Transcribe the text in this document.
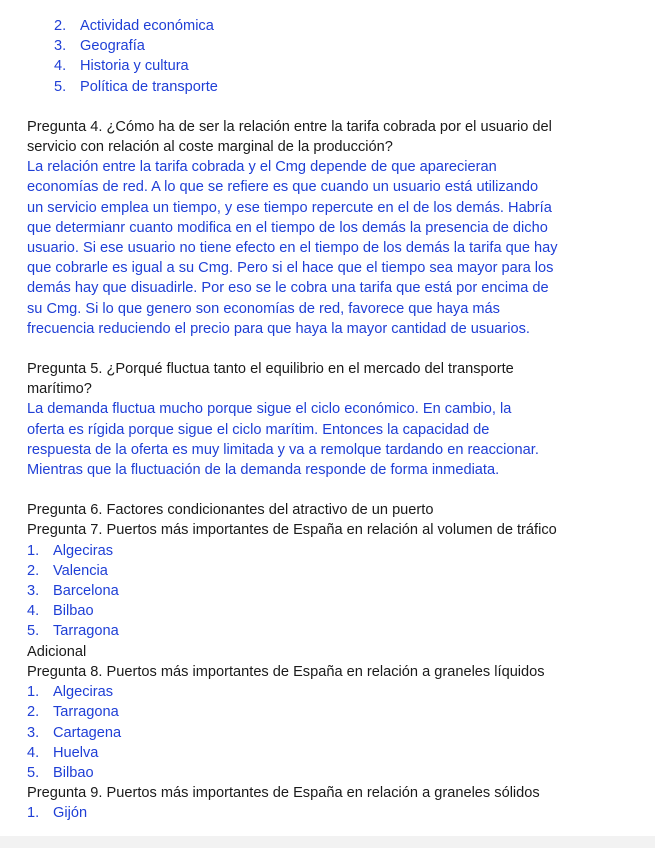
2. Actividad económica
3. Geografía
4. Historia y cultura
5. Política de transporte
Pregunta 4. ¿Cómo ha de ser la relación entre la tarifa cobrada por el usuario del
servicio con relación al coste marginal de la producción?
La relación entre la tarifa cobrada y el Cmg depende de que aparecieran
economías de red. A lo que se refiere es que cuando un usuario está utilizando
un servicio emplea un tiempo, y ese tiempo repercute en el de los demás. Habría
que determianr cuanto modifica en el tiempo de los demás la presencia de dicho
usuario. Si ese usuario no tiene efecto en el tiempo de los demás la tarifa que hay
que cobrarle es igual a su Cmg. Pero si el hace que el tiempo sea mayor para los
demás hay que disuadirle. Por eso se le cobra una tarifa que está por encima de
su Cmg. Si lo que genero son economías de red, favorece que haya más
frecuencia reduciendo el precio para que haya la mayor cantidad de usuarios.
Pregunta 5. ¿Porqué fluctua tanto el equilibrio en el mercado del transporte
marítimo?
La demanda fluctua mucho porque sigue el ciclo económico. En cambio, la
oferta es rígida porque sigue el ciclo marítim. Entonces la capacidad de
respuesta de la oferta es muy limitada y va a remolque tardando en reaccionar.
Mientras que la fluctuación de la demanda responde de forma inmediata.
Pregunta 6. Factores condicionantes del atractivo de un puerto
Pregunta 7. Puertos más importantes de España en relación al volumen de tráfico
1. Algeciras
2. Valencia
3. Barcelona
4. Bilbao
5. Tarragona
Adicional
Pregunta 8. Puertos más importantes de España en relación a graneles líquidos
1. Algeciras
2. Tarragona
3. Cartagena
4. Huelva
5. Bilbao
Pregunta 9. Puertos más importantes de España en relación a graneles sólidos
1. Gijón
